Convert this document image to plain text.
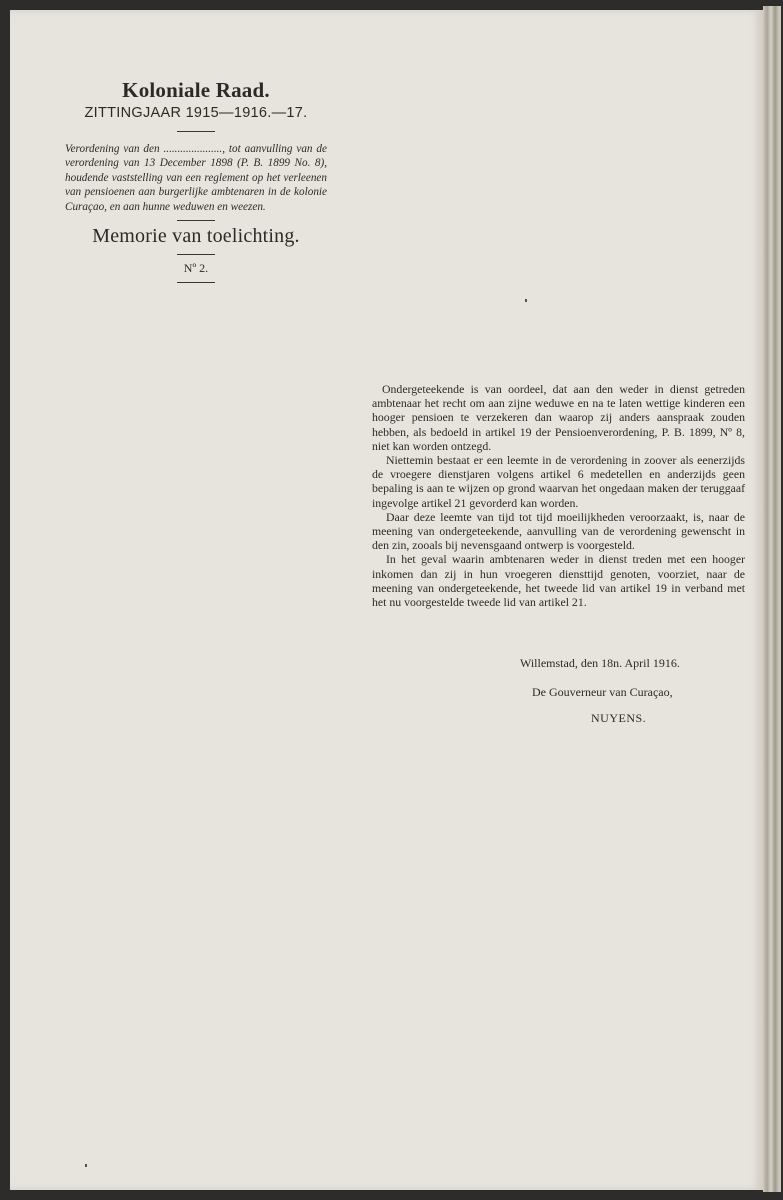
Koloniale Raad.
ZITTINGJAAR 1915—1916.—17.

Verordening van den ....................., tot aanvulling van de verordening van 13 December 1898 (P. B. 1899 No. 8), houdende vaststelling van een reglement op het verleenen van pensioenen aan burgerlijke ambtenaren in de kolonie Curaçao, en aan hunne weduwen en weezen.

Memorie van toelichting.
Nº 2.

Ondergeteekende is van oordeel, dat aan den weder in dienst getreden ambtenaar het recht om aan zijne weduwe en na te laten wettige kinderen een hooger pensioen te verzekeren dan waarop zij anders aanspraak zouden hebben, als bedoeld in artikel 19 der Pensioenverordening, P. B. 1899, Nº 8, niet kan worden ontzegd.

Niettemin bestaat er een leemte in de verordening in zoover als eenerzijds de vroegere dienstjaren volgens artikel 6 medetellen en anderzijds geen bepaling is aan te wijzen op grond waarvan het ongedaan maken der teruggaaf ingevolge artikel 21 gevorderd kan worden.

Daar deze leemte van tijd tot tijd moeilijkheden veroorzaakt, is, naar de meening van ondergeteekende, aanvulling van de verordening gewenscht in den zin, zooals bij nevensgaand ontwerp is voorgesteld.

In het geval waarin ambtenaren weder in dienst treden met een hooger inkomen dan zij in hun vroegeren diensttijd genoten, voorziet, naar de meening van ondergeteekende, het tweede lid van artikel 19 in verband met het nu voorgestelde tweede lid van artikel 21.

Willemstad, den 18n. April 1916.
De Gouverneur van Curaçao,
NUYENS.
